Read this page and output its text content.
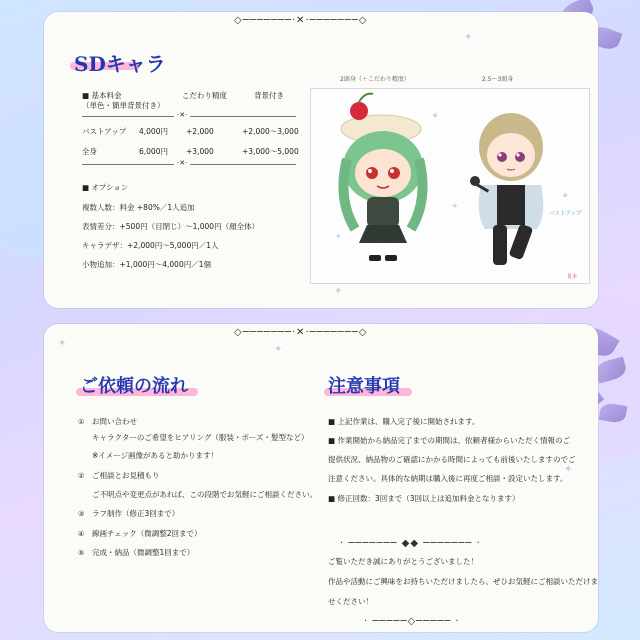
◇───────·✕·───────◇
✦
✦
SDキャラ
■ 基本料金
（単色・簡単背景付き）
こだわり精度	背景付き
·✕·
バストアップ 4,000円 +2,000	+2,000～3,000
全身	6,000円 +3,000	+3,000～5,000
·✕·
■ オプション
複数人数：料金 +80%／1人追加
表情差分：+500円（目閉じ）～1,000円（顔全体）
キャラデザ：+2,000円～5,000円／1人
小物追加：+1,000円～4,000円／1個
2頭身（＋こだわり精度）	2.5～3頭身
✦
✦
✦
✦
バストアップ
見本
◇───────·✕·───────◇
✦
✦
✦
ご依頼の流れ
① お問い合わせ
キャラクターのご希望をヒアリング（服装・ポーズ・髪型など）
※イメージ画像があると助かります！
② ご相談とお見積もり
ご不明点や変更点があれば、この段階でお気軽にご相談ください。
③ ラフ制作（修正3回まで）
④ 線画チェック（微調整2回まで）
⑤ 完成・納品（微調整1回まで）
注意事項
■ 上記作業は、購入完了後に開始されます。
■ 作業開始から納品完了までの期間は、依頼者様からいただく情報のご
提供状況、納品物のご確認にかかる時間によっても前後いたしますのでご
注意ください。具体的な納期は購入後に再度ご相談・設定いたします。
■ 修正回数：3回まで（3回以上は追加料金となります）
· ─────── ◆◆ ─────── ·
ご覧いただき誠にありがとうございました！
作品や活動にご興味をお持ちいただけましたら、ぜひお気軽にご相談いただけま
せください！
· ─────◇───── ·
